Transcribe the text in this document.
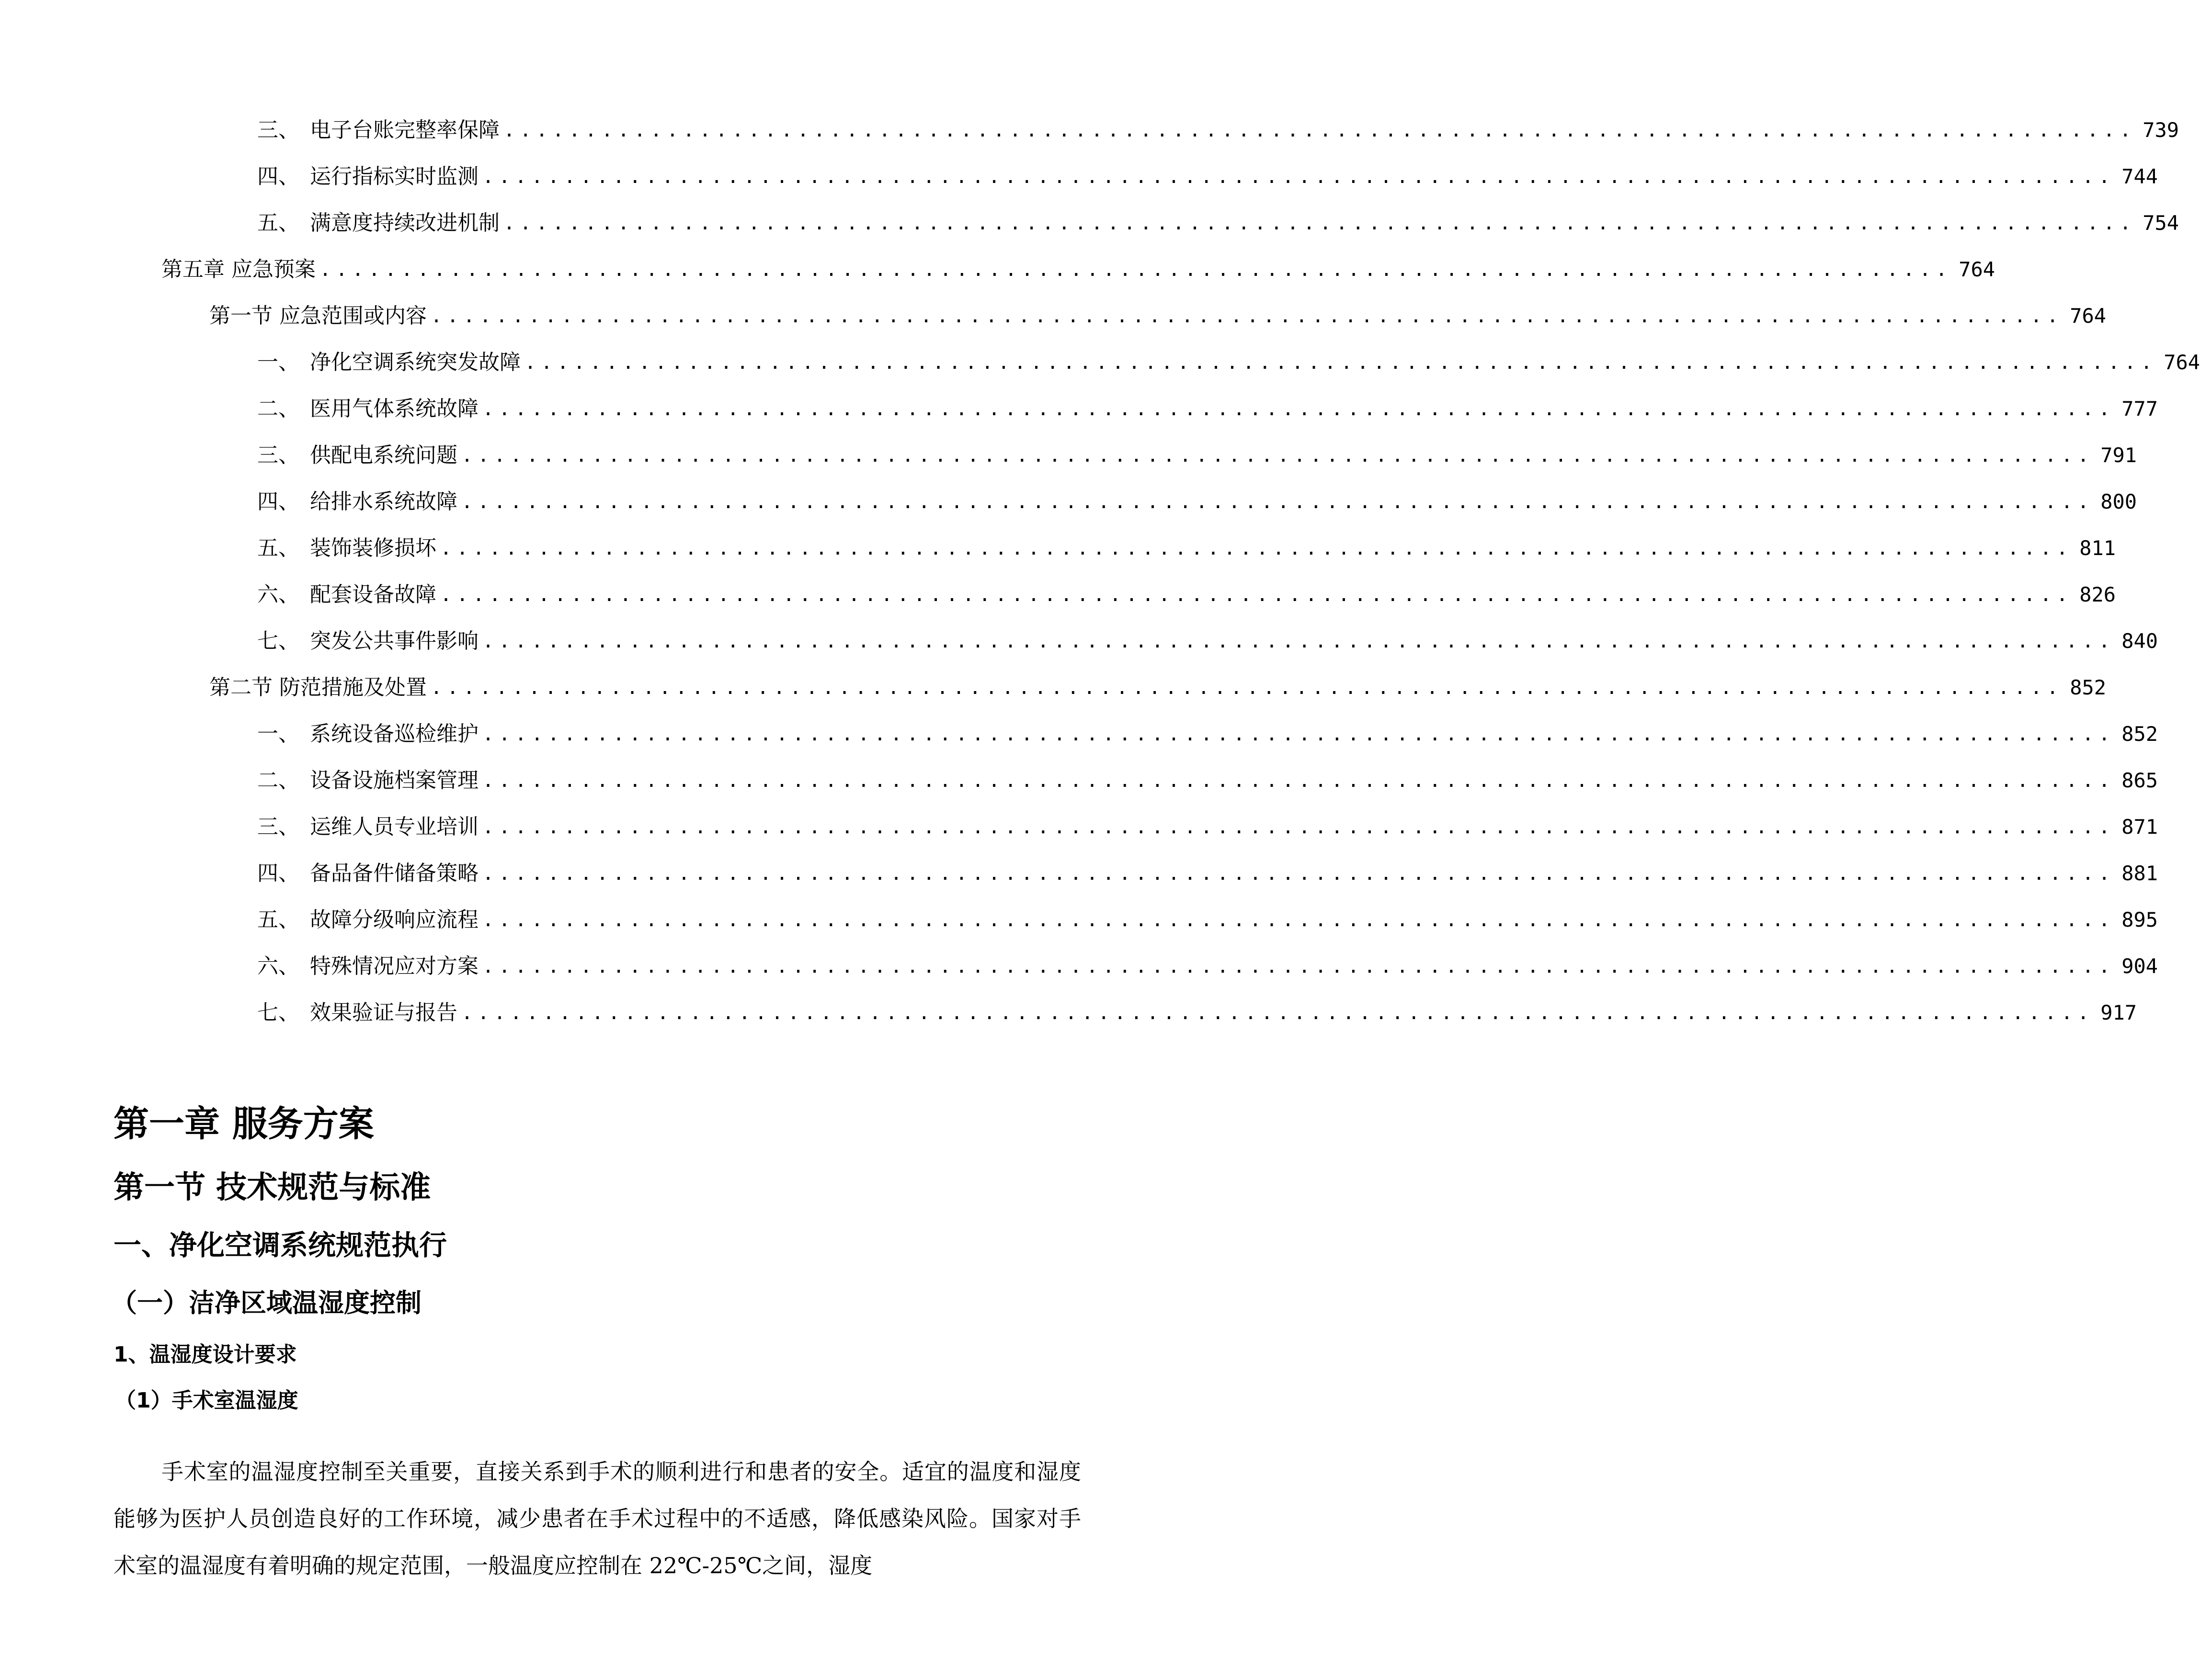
三、　电子台账完整率保障 .................................................................................................... 739
四、　运行指标实时监测 .................................................................................................... 744
五、　满意度持续改进机制 .................................................................................................... 754
第五章 应急预案 .................................................................................................... 764
第一节 应急范围或内容 .................................................................................................... 764
一、　净化空调系统突发故障 .................................................................................................... 764
二、　医用气体系统故障 .................................................................................................... 777
三、　供配电系统问题 .................................................................................................... 791
四、　给排水系统故障 .................................................................................................... 800
五、　装饰装修损坏 .................................................................................................... 811
六、　配套设备故障 .................................................................................................... 826
七、　突发公共事件影响 .................................................................................................... 840
第二节 防范措施及处置 .................................................................................................... 852
一、　系统设备巡检维护 .................................................................................................... 852
二、　设备设施档案管理 .................................................................................................... 865
三、　运维人员专业培训 .................................................................................................... 871
四、　备品备件储备策略 .................................................................................................... 881
五、　故障分级响应流程 .................................................................................................... 895
六、　特殊情况应对方案 .................................................................................................... 904
七、　效果验证与报告 .................................................................................................... 917
第一章 服务方案
第一节 技术规范与标准
一、净化空调系统规范执行
（一）洁净区域温湿度控制
1、温湿度设计要求
（1）手术室温湿度

手术室的温湿度控制至关重要，直接关系到手术的顺利进行和患者的安全。适宜的温度和湿度能够为医护人员创造良好的工作环境，减少患者在手术过程中的不适感，降低感染风险。国家对手术室的温湿度有着明确的规定范围，一般温度应控制在 22℃-25℃之间，湿度
